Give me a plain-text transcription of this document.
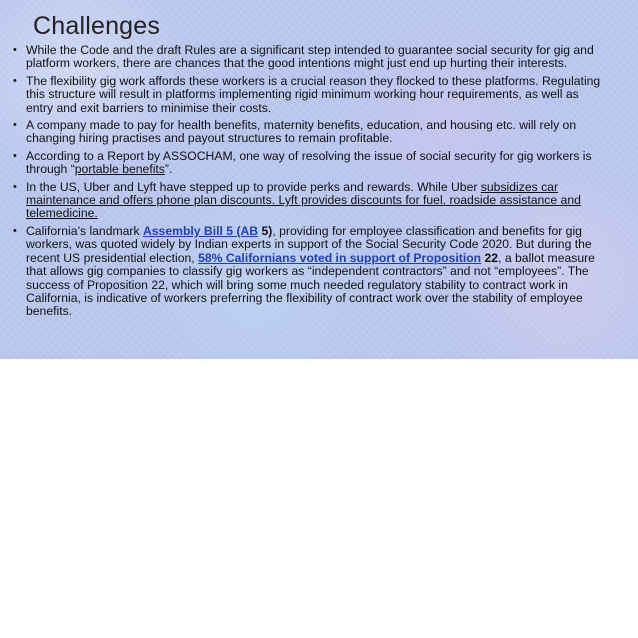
Challenges
• While the Code and the draft Rules are a significant step intended to guarantee social security for gig and platform workers, there are chances that the good intentions might just end up hurting their interests.
• The flexibility gig work affords these workers is a crucial reason they flocked to these platforms. Regulating this structure will result in platforms implementing rigid minimum working hour requirements, as well as entry and exit barriers to minimise their costs.
• A company made to pay for health benefits, maternity benefits, education, and housing etc. will rely on changing hiring practises and payout structures to remain profitable.
• According to a Report by ASSOCHAM, one way of resolving the issue of social security for gig workers is through “portable benefits”.
• In the US, Uber and Lyft have stepped up to provide perks and rewards. While Uber subsidizes car maintenance and offers phone plan discounts. Lyft provides discounts for fuel, roadside assistance and telemedicine.
• California’s landmark Assembly Bill 5 (AB 5), providing for employee classification and benefits for gig workers, was quoted widely by Indian experts in support of the Social Security Code 2020. But during the recent US presidential election, 58% Californians voted in support of Proposition 22, a ballot measure that allows gig companies to classify gig workers as “independent contractors” and not “employees”. The success of Proposition 22, which will bring some much needed regulatory stability to contract work in California, is indicative of workers preferring the flexibility of contract work over the stability of employee benefits.
